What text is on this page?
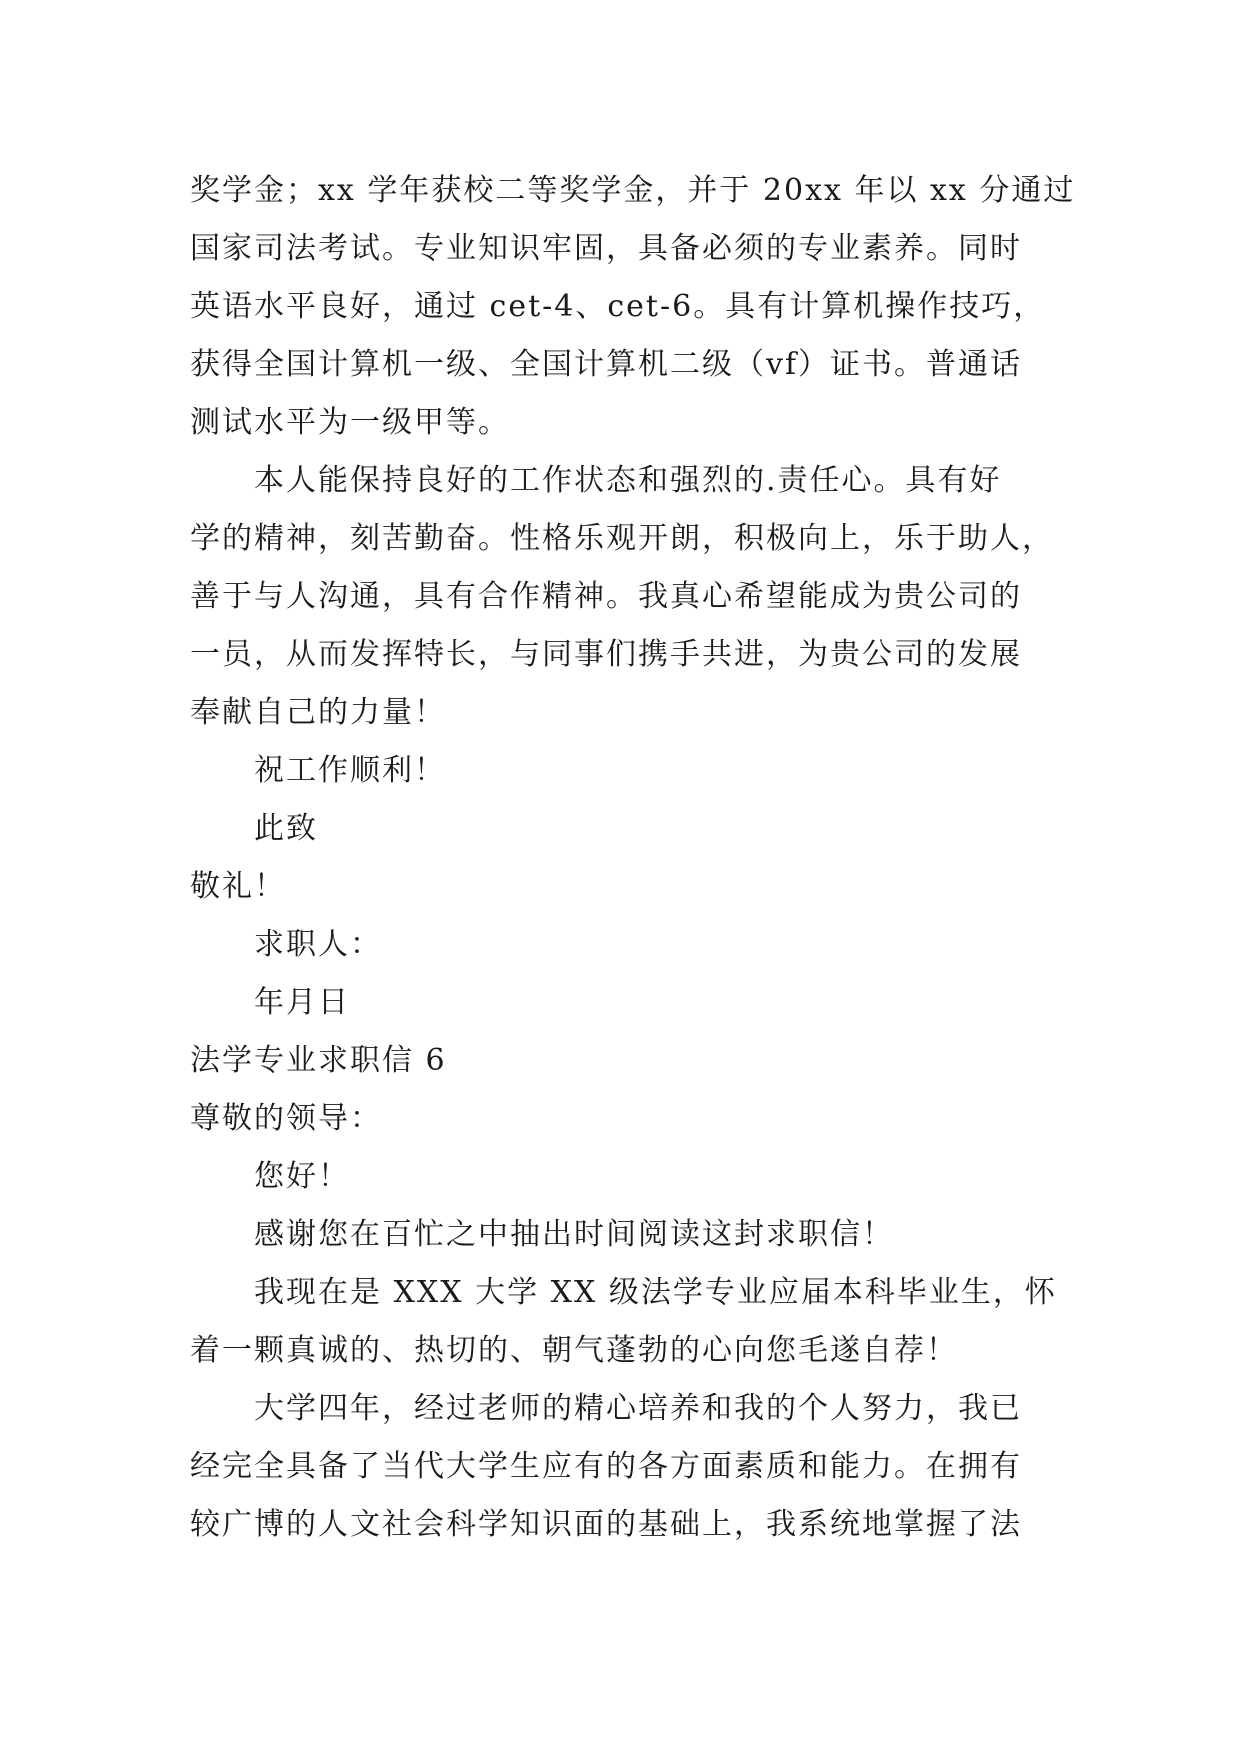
奖学金；xx 学年获校二等奖学金，并于 20xx 年以 xx 分通过
国家司法考试。专业知识牢固，具备必须的专业素养。同时
英语水平良好，通过 cet-4、cet-6。具有计算机操作技巧，
获得全国计算机一级、全国计算机二级（vf）证书。普通话
测试水平为一级甲等。
本人能保持良好的工作状态和强烈的.责任心。具有好
学的精神，刻苦勤奋。性格乐观开朗，积极向上，乐于助人，
善于与人沟通，具有合作精神。我真心希望能成为贵公司的
一员，从而发挥特长，与同事们携手共进，为贵公司的发展
奉献自己的力量！
祝工作顺利！
此致
敬礼！
求职人：
年月日
法学专业求职信 6
尊敬的领导：
您好！
感谢您在百忙之中抽出时间阅读这封求职信！
我现在是 XXX 大学 XX 级法学专业应届本科毕业生，怀
着一颗真诚的、热切的、朝气蓬勃的心向您毛遂自荐！
大学四年，经过老师的精心培养和我的个人努力，我已
经完全具备了当代大学生应有的各方面素质和能力。在拥有
较广博的人文社会科学知识面的基础上，我系统地掌握了法
